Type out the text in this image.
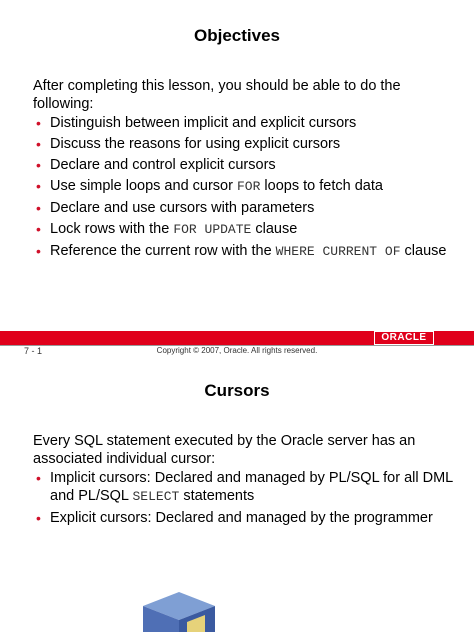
Objectives
After completing this lesson, you should be able to do the following:
• Distinguish between implicit and explicit cursors
• Discuss the reasons for using explicit cursors
• Declare and control explicit cursors
• Use simple loops and cursor FOR loops to fetch data
• Declare and use cursors with parameters
• Lock rows with the FOR UPDATE clause
• Reference the current row with the WHERE CURRENT OF clause
ORACLE
7 - 1	Copyright © 2007, Oracle. All rights reserved.
Cursors
Every SQL statement executed by the Oracle server has an associated individual cursor:
• Implicit cursors: Declared and managed by PL/SQL for all DML and PL/SQL SELECT statements
• Explicit cursors: Declared and managed by the programmer
